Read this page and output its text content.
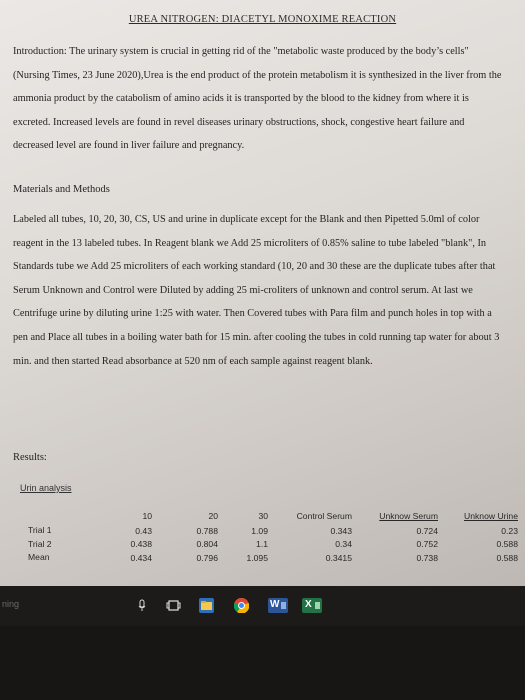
UREA NITROGEN: DIACETYL MONOXIME REACTION

Introduction: The urinary system is crucial in getting rid of the "metabolic waste produced by the body’s cells" (Nursing Times, 23 June 2020),Urea is the end product of the protein metabolism it is synthesized in the liver from the ammonia product by the catabolism of amino acids it is transported by the blood to the kidney from where it is excreted. Increased levels are found in revel diseases urinary obstructions, shock, congestive heart failure and decreased level are found in liver failure and pregnancy.

Materials and Methods

Labeled all tubes, 10, 20, 30, CS, US and urine in duplicate except for the Blank and then Pipetted 5.0ml of color reagent in the 13 labeled tubes. In Reagent blank we Add 25 microliters of 0.85% saline to tube labeled "blank", In Standards tube we Add 25 microliters of each working standard (10, 20 and 30 these are the duplicate tubes after that Serum Unknown and Control were Diluted by adding 25 mi-croliters of unknown and control serum. At last we Centrifuge urine by diluting urine 1:25 with water. Then Covered tubes with Para film and punch holes in top with a pen and Place all tubes in a boiling water bath for 15 min. after cooling the tubes in cold running tap water for about 3 min. and then started Read absorbance at 520 nm of each sample against reagent blank.

Results:
Urin analysis
Trial 1
Trial 2
Mean
10
0.43
0.438
0.434
20
0.788
0.804
0.796
30
1.09
1.1
1.095
Control Serum
0.343
0.34
0.3415
Unknow Serum
0.724
0.752
0.738
Unknow Urine
0.23
0.588
0.588
ning	W	X
